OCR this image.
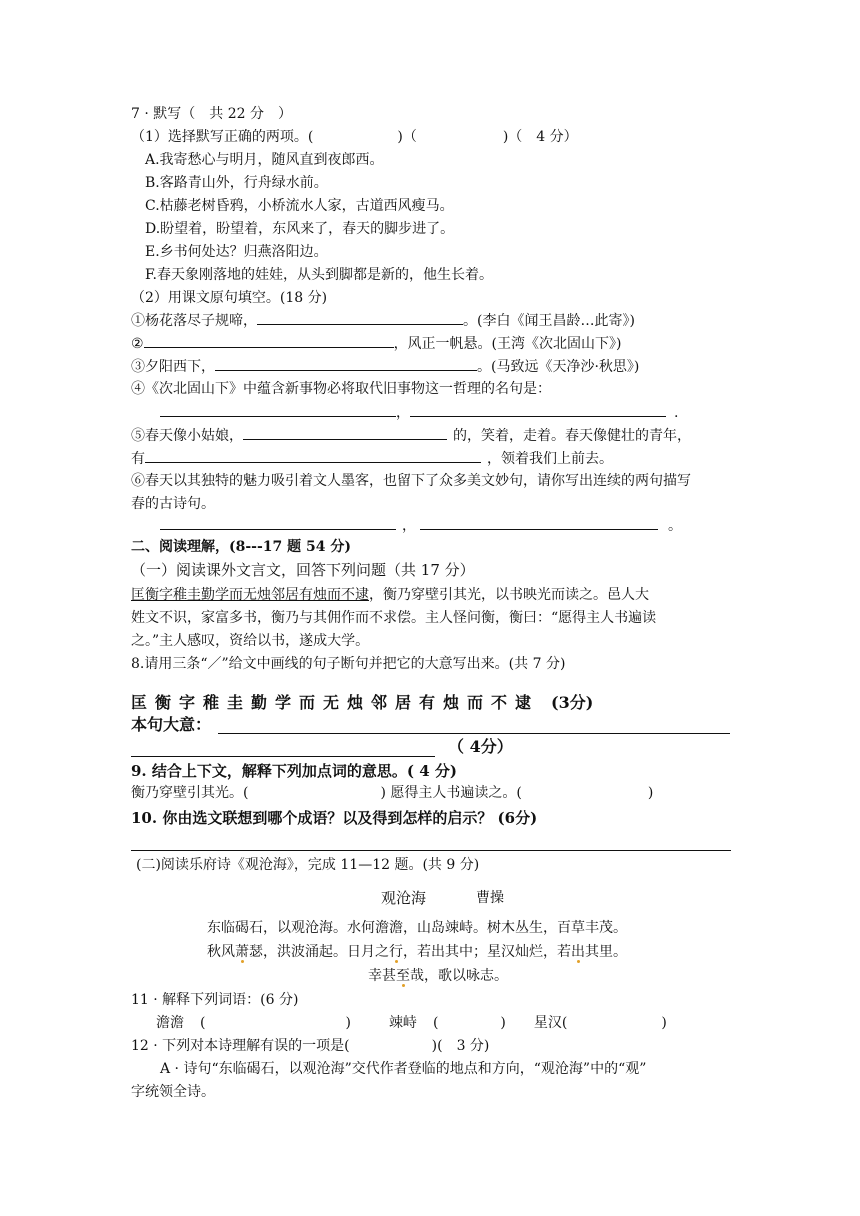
7 · 默写（　共 22 分　）
（1）选择默写正确的两项。(	)（	)（　4 分）
A.我寄愁心与明月，随风直到夜郎西。
B.客路青山外，行舟绿水前。
C.枯藤老树昏鸦，小桥流水人家，古道西风瘦马。
D.盼望着，盼望着，东风来了，春天的脚步进了。
E.乡书何处达？归燕洛阳边。
F.春天象刚落地的娃娃，从头到脚都是新的，他生长着。
（2）用课文原句填空。(18 分)
①杨花落尽子规啼，	。(李白《闻王昌龄…此寄》)
②	，风正一帆悬。(王湾《次北固山下》)
③夕阳西下，	。(马致远《天净沙·秋思》)
④《次北固山下》中蕴含新事物必将取代旧事物这一哲理的名句是：
，	.
⑤春天像小姑娘，	的，笑着，走着。春天像健壮的青年，
有	，领着我们上前去。
⑥春天以其独特的魅力吸引着文人墨客，也留下了众多美文妙句，请你写出连续的两句描写
春的古诗句。
，	。
二、阅读理解，(8---17 题 54 分)
（一）阅读课外文言文，回答下列问题（共 17 分）
匡衡字稚圭勤学而无烛邻居有烛而不逮，衡乃穿壁引其光，以书映光而读之。邑人大
姓文不识，家富多书，衡乃与其佣作而不求偿。主人怪问衡，衡曰：“愿得主人书遍读
之。”主人感叹，资给以书，遂成大学。
8.请用三条“／”给文中画线的句子断句并把它的大意写出来。(共 7 分)
匡衡字稚圭勤学而无烛邻居有烛而不逮 (3分)
本句大意：
（ 4分）
9. 结合上下文，解释下列加点词的意思。( 4 分)
衡乃穿壁引其光。(	) 愿得主人书遍读之。(	)
10. 你由选文联想到哪个成语？以及得到怎样的启示？ (6分)
(二)阅读乐府诗《观沧海》，完成 11—12 题。(共 9 分)
观沧海	曹操
东临碣石，以观沧海。水何澹澹，山岛竦峙。树木丛生，百草丰茂。
秋风萧瑟，洪波涌起。日月之行，若出其中；星汉灿烂，若出其里。
幸甚至哉，歌以咏志。
11 · 解释下列词语：(6 分)
澹澹 (	)	竦峙 (	) 星汉(	)
12 · 下列对本诗理解有误的一项是(	)(　3 分)
A · 诗句“东临碣石，以观沧海”交代作者登临的地点和方向，“观沧海”中的“观”
字统领全诗。
